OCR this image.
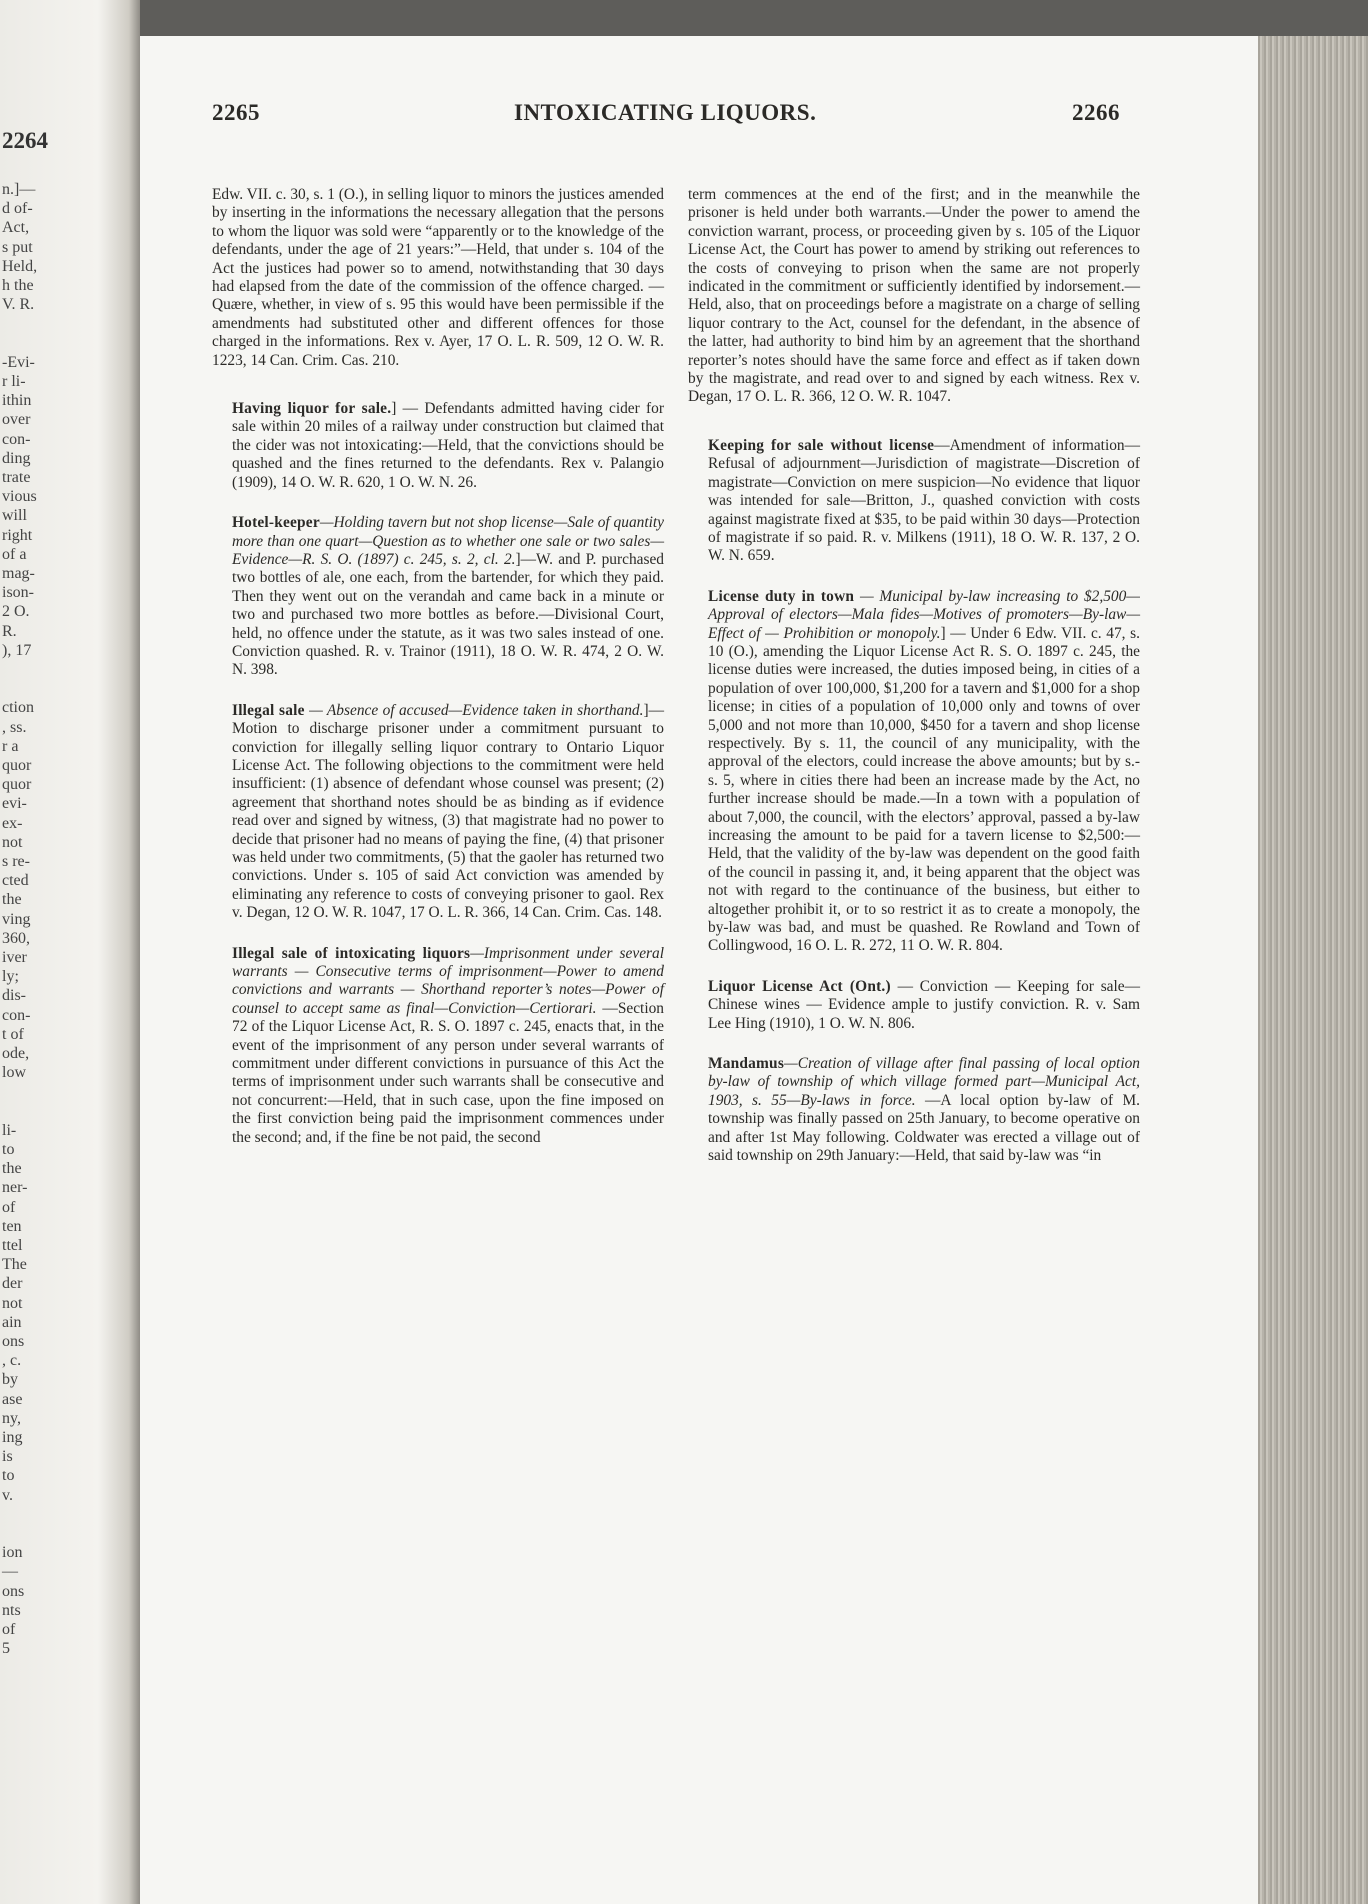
2264
n.]—
d of-
Act,
s put
Held,
h the
V. R.
-Evi-
r li-
ithin
over
con-
ding
trate
vious
will
right
of a
mag-
ison-
2 O.
R.
), 17
ction
, ss.
r a
quor
quor
evi-
ex-
not
s re-
cted
the
ving
360,
iver
ly;
dis-
con-
t of
ode,
low
li-
to
the
ner-
of
ten
ttel
The
der
not
ain
ons
, c.
by
ase
ny,
ing
is
to
v.
ion
—
ons
nts
of
5
2265	INTOXICATING LIQUORS.	2266

Edw. VII. c. 30, s. 1 (O.), in selling liquor to minors the justices amended by inserting in the informations the necessary allegation that the persons to whom the liquor was sold were “apparently or to the knowledge of the defendants, under the age of 21 years:”—Held, that under s. 104 of the Act the justices had power so to amend, notwithstanding that 30 days had elapsed from the date of the commission of the offence charged. — Quære, whether, in view of s. 95 this would have been permissible if the amendments had substituted other and different offences for those charged in the informations. Rex v. Ayer, 17 O. L. R. 509, 12 O. W. R. 1223, 14 Can. Crim. Cas. 210.

Having liquor for sale.] — Defendants admitted having cider for sale within 20 miles of a railway under construction but claimed that the cider was not intoxicating:—Held, that the convictions should be quashed and the fines returned to the defendants. Rex v. Palangio (1909), 14 O. W. R. 620, 1 O. W. N. 26.

Hotel-keeper—Holding tavern but not shop license—Sale of quantity more than one quart—Question as to whether one sale or two sales—Evidence—R. S. O. (1897) c. 245, s. 2, cl. 2.]—W. and P. purchased two bottles of ale, one each, from the bartender, for which they paid. Then they went out on the verandah and came back in a minute or two and purchased two more bottles as before.—Divisional Court, held, no offence under the statute, as it was two sales instead of one. Conviction quashed. R. v. Trainor (1911), 18 O. W. R. 474, 2 O. W. N. 398.

Illegal sale — Absence of accused—Evidence taken in shorthand.]—Motion to discharge prisoner under a commitment pursuant to conviction for illegally selling liquor contrary to Ontario Liquor License Act. The following objections to the commitment were held insufficient: (1) absence of defendant whose counsel was present; (2) agreement that shorthand notes should be as binding as if evidence read over and signed by witness, (3) that magistrate had no power to decide that prisoner had no means of paying the fine, (4) that prisoner was held under two commitments, (5) that the gaoler has returned two convictions. Under s. 105 of said Act conviction was amended by eliminating any reference to costs of conveying prisoner to gaol. Rex v. Degan, 12 O. W. R. 1047, 17 O. L. R. 366, 14 Can. Crim. Cas. 148.

Illegal sale of intoxicating liquors—Imprisonment under several warrants — Consecutive terms of imprisonment—Power to amend convictions and warrants — Shorthand reporter’s notes—Power of counsel to accept same as final—Conviction—Certiorari. —Section 72 of the Liquor License Act, R. S. O. 1897 c. 245, enacts that, in the event of the imprisonment of any person under several warrants of commitment under different convictions in pursuance of this Act the terms of imprisonment under such warrants shall be consecutive and not concurrent:—Held, that in such case, upon the fine imposed on the first conviction being paid the imprisonment commences under the second; and, if the fine be not paid, the second

term commences at the end of the first; and in the meanwhile the prisoner is held under both warrants.—Under the power to amend the conviction warrant, process, or proceeding given by s. 105 of the Liquor License Act, the Court has power to amend by striking out references to the costs of conveying to prison when the same are not properly indicated in the commitment or sufficiently identified by indorsement.—Held, also, that on proceedings before a magistrate on a charge of selling liquor contrary to the Act, counsel for the defendant, in the absence of the latter, had authority to bind him by an agreement that the shorthand reporter’s notes should have the same force and effect as if taken down by the magistrate, and read over to and signed by each witness. Rex v. Degan, 17 O. L. R. 366, 12 O. W. R. 1047.

Keeping for sale without license—Amendment of information—Refusal of adjournment—Jurisdiction of magistrate—Discretion of magistrate—Conviction on mere suspicion—No evidence that liquor was intended for sale—Britton, J., quashed conviction with costs against magistrate fixed at $35, to be paid within 30 days—Protection of magistrate if so paid. R. v. Milkens (1911), 18 O. W. R. 137, 2 O. W. N. 659.

License duty in town — Municipal by-law increasing to $2,500—Approval of electors—Mala fides—Motives of promoters—By-law—Effect of — Prohibition or monopoly.] — Under 6 Edw. VII. c. 47, s. 10 (O.), amending the Liquor License Act R. S. O. 1897 c. 245, the license duties were increased, the duties imposed being, in cities of a population of over 100,000, $1,200 for a tavern and $1,000 for a shop license; in cities of a population of 10,000 only and towns of over 5,000 and not more than 10,000, $450 for a tavern and shop license respectively. By s. 11, the council of any municipality, with the approval of the electors, could increase the above amounts; but by s.-s. 5, where in cities there had been an increase made by the Act, no further increase should be made.—In a town with a population of about 7,000, the council, with the electors’ approval, passed a by-law increasing the amount to be paid for a tavern license to $2,500:—Held, that the validity of the by-law was dependent on the good faith of the council in passing it, and, it being apparent that the object was not with regard to the continuance of the business, but either to altogether prohibit it, or to so restrict it as to create a monopoly, the by-law was bad, and must be quashed. Re Rowland and Town of Collingwood, 16 O. L. R. 272, 11 O. W. R. 804.

Liquor License Act (Ont.) — Conviction — Keeping for sale—Chinese wines — Evidence ample to justify conviction. R. v. Sam Lee Hing (1910), 1 O. W. N. 806.

Mandamus—Creation of village after final passing of local option by-law of township of which village formed part—Municipal Act, 1903, s. 55—By-laws in force. —A local option by-law of M. township was finally passed on 25th January, to become operative on and after 1st May following. Coldwater was erected a village out of said township on 29th January:—Held, that said by-law was “in
